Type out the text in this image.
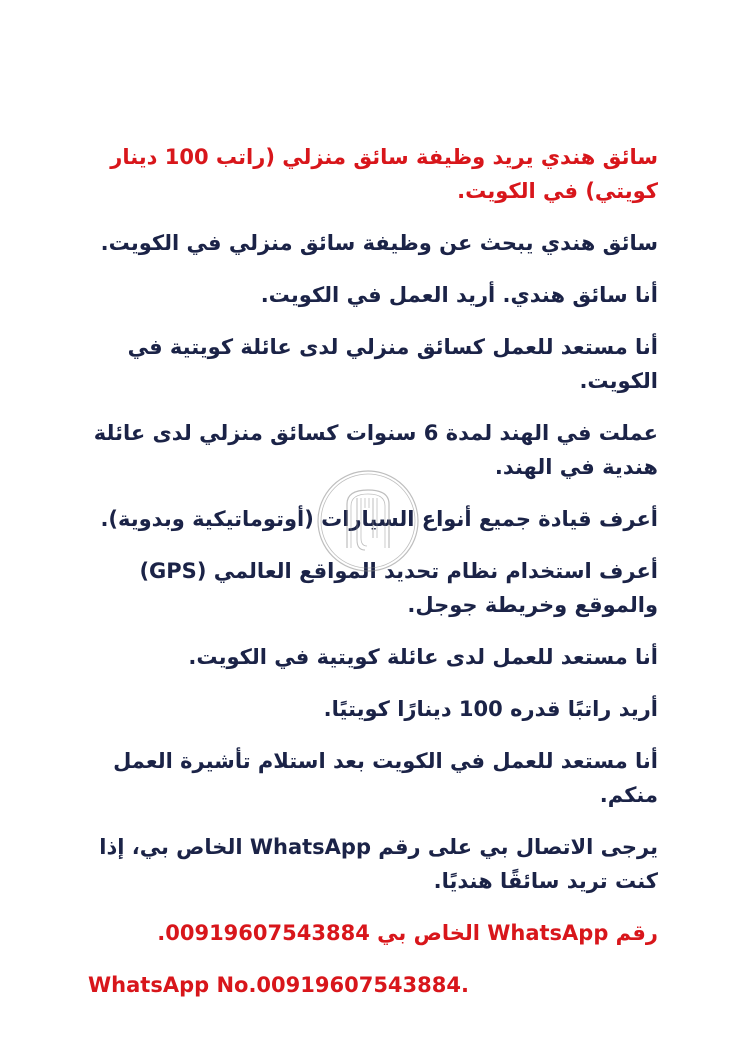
سائق هندي يريد وظيفة سائق منزلي (راتب 100 دينار كويتي) في الكويت.

سائق هندي يبحث عن وظيفة سائق منزلي في الكويت.

أنا سائق هندي. أريد العمل في الكويت.

أنا مستعد للعمل كسائق منزلي لدى عائلة كويتية في الكويت.

عملت في الهند لمدة 6 سنوات كسائق منزلي لدى عائلة هندية في الهند.

أعرف قيادة جميع أنواع السيارات (أوتوماتيكية وبدوية).

أعرف استخدام نظام تحديد المواقع العالمي (GPS) والموقع وخريطة جوجل.

أنا مستعد للعمل لدى عائلة كويتية في الكويت.

أريد راتبًا قدره 100 دينارًا كويتيًا.

أنا مستعد للعمل في الكويت بعد استلام تأشيرة العمل منكم.

يرجى الاتصال بي على رقم WhatsApp الخاص بي، إذا كنت تريد سائقًا هنديًا.

رقم WhatsApp الخاص بي 00919607543884.

WhatsApp No.00919607543884.
